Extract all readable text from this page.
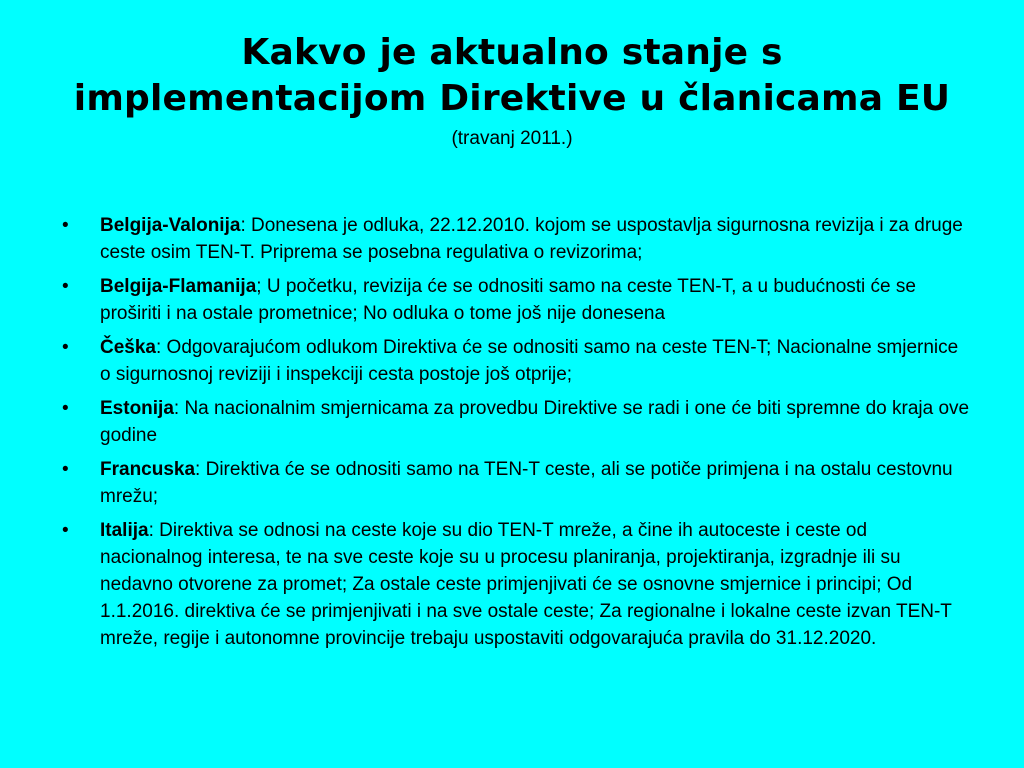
Kakvo je aktualno stanje s implementacijom Direktive u članicama EU
(travanj 2011.)
• Belgija-Valonija: Donesena je odluka, 22.12.2010. kojom se uspostavlja sigurnosna revizija i za druge ceste osim TEN-T. Priprema se posebna regulativa o revizorima;
• Belgija-Flamanija; U početku, revizija će se odnositi samo na ceste TEN-T, a u budućnosti će se proširiti i na ostale prometnice; No odluka o tome još nije donesena
• Češka: Odgovarajućom odlukom Direktiva će se odnositi samo na ceste TEN-T; Nacionalne smjernice o sigurnosnoj reviziji i inspekciji cesta postoje još otprije;
• Estonija: Na nacionalnim smjernicama za provedbu Direktive se radi i one će biti spremne do kraja ove godine
• Francuska: Direktiva će se odnositi samo na TEN-T ceste, ali se potiče primjena i na ostalu cestovnu mrežu;
• Italija: Direktiva se odnosi na ceste koje su dio TEN-T mreže, a čine ih autoceste i ceste od nacionalnog interesa, te na sve ceste koje su u procesu planiranja, projektiranja, izgradnje ili su nedavno otvorene za promet; Za ostale ceste primjenjivati će se osnovne smjernice i principi; Od 1.1.2016. direktiva će se primjenjivati i na sve ostale ceste; Za regionalne i lokalne ceste izvan TEN-T mreže, regije i autonomne provincije trebaju uspostaviti odgovarajuća pravila do 31.12.2020.
